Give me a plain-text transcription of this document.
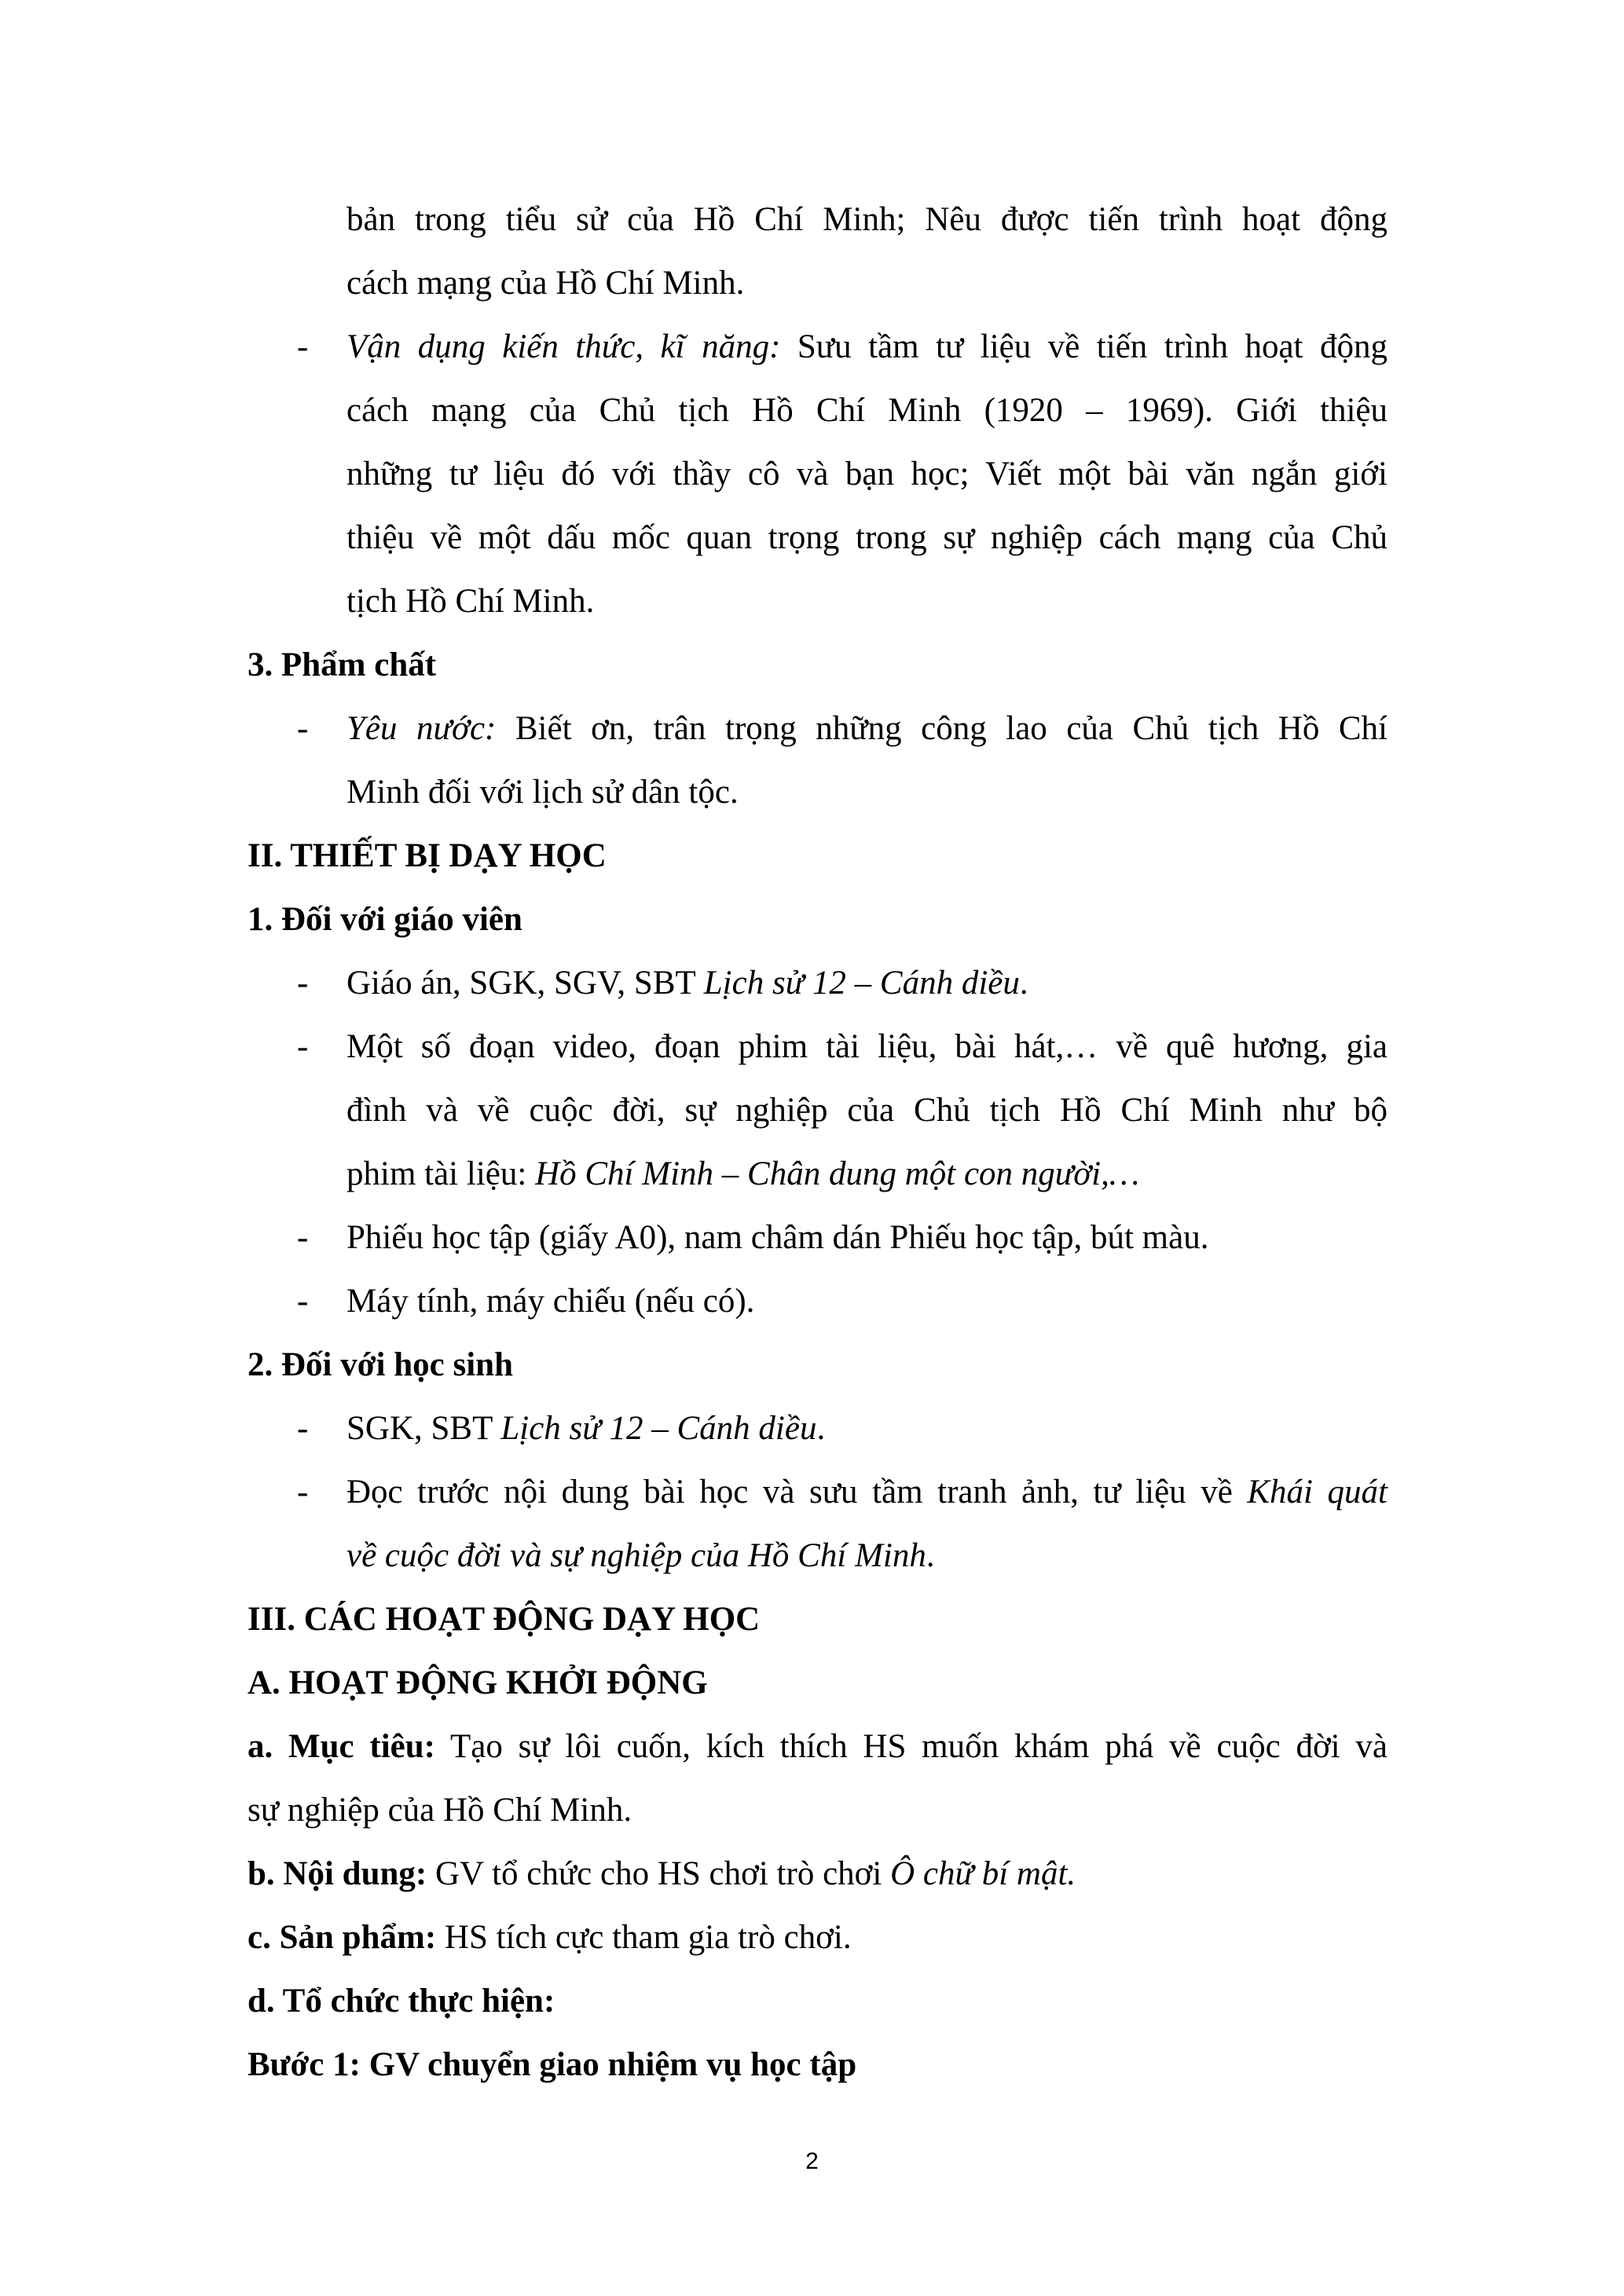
bản trong tiểu sử của Hồ Chí Minh; Nêu được tiến trình hoạt động
cách mạng của Hồ Chí Minh.
- Vận dụng kiến thức, kĩ năng: Sưu tầm tư liệu về tiến trình hoạt động
cách mạng của Chủ tịch Hồ Chí Minh (1920 – 1969). Giới thiệu
những tư liệu đó với thầy cô và bạn học; Viết một bài văn ngắn giới
thiệu về một dấu mốc quan trọng trong sự nghiệp cách mạng của Chủ
tịch Hồ Chí Minh.
3. Phẩm chất
- Yêu nước: Biết ơn, trân trọng những công lao của Chủ tịch Hồ Chí
Minh đối với lịch sử dân tộc.
II. THIẾT BỊ DẠY HỌC
1. Đối với giáo viên
- Giáo án, SGK, SGV, SBT Lịch sử 12 – Cánh diều.
- Một số đoạn video, đoạn phim tài liệu, bài hát,… về quê hương, gia
đình và về cuộc đời, sự nghiệp của Chủ tịch Hồ Chí Minh như bộ
phim tài liệu: Hồ Chí Minh – Chân dung một con người,…
- Phiếu học tập (giấy A0), nam châm dán Phiếu học tập, bút màu.
- Máy tính, máy chiếu (nếu có).
2. Đối với học sinh
- SGK, SBT Lịch sử 12 – Cánh diều.
- Đọc trước nội dung bài học và sưu tầm tranh ảnh, tư liệu về Khái quát
về cuộc đời và sự nghiệp của Hồ Chí Minh.
III. CÁC HOẠT ĐỘNG DẠY HỌC
A. HOẠT ĐỘNG KHỞI ĐỘNG
a. Mục tiêu: Tạo sự lôi cuốn, kích thích HS muốn khám phá về cuộc đời và
sự nghiệp của Hồ Chí Minh.
b. Nội dung: GV tổ chức cho HS chơi trò chơi Ô chữ bí mật.
c. Sản phẩm: HS tích cực tham gia trò chơi.
d. Tổ chức thực hiện:
Bước 1: GV chuyển giao nhiệm vụ học tập
2
